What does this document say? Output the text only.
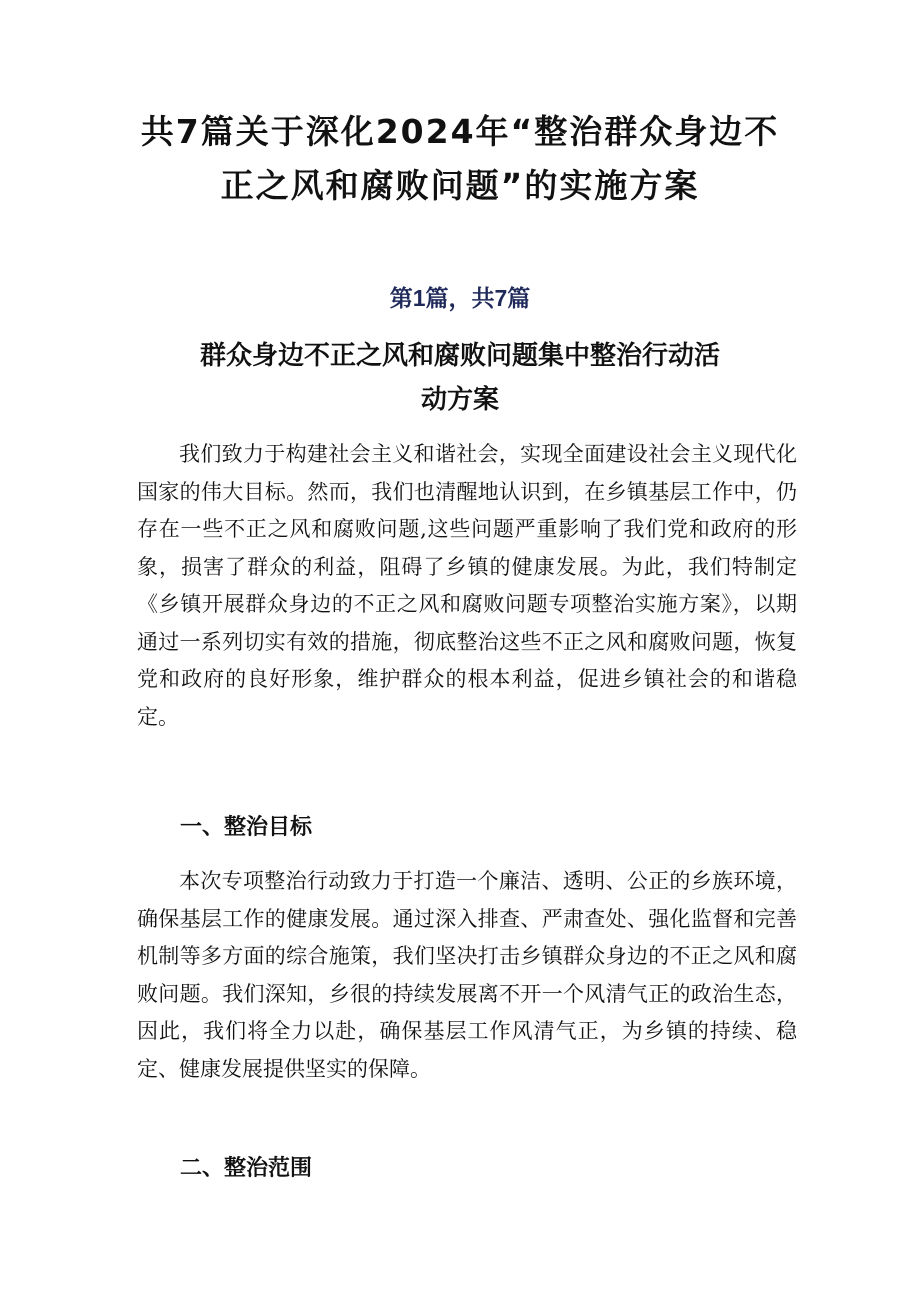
共7篇关于深化2024年“整治群众身边不
正之风和腐败问题”的实施方案
第1篇，共7篇
群众身边不正之风和腐败问题集中整治行动活
动方案

我们致力于构建社会主义和谐社会，实现全面建设社会主义现代化国家的伟大目标。然而，我们也清醒地认识到，在乡镇基层工作中，仍存在一些不正之风和腐败问题,这些问题严重影响了我们党和政府的形象，损害了群众的利益，阻碍了乡镇的健康发展。为此，我们特制定《乡镇开展群众身边的不正之风和腐败问题专项整治实施方案》，以期通过一系列切实有效的措施，彻底整治这些不正之风和腐败问题，恢复党和政府的良好形象，维护群众的根本利益，促进乡镇社会的和谐稳定。

一、整治目标

本次专项整治行动致力于打造一个廉洁、透明、公正的乡族环境，确保基层工作的健康发展。通过深入排查、严肃查处、强化监督和完善机制等多方面的综合施策，我们坚决打击乡镇群众身边的不正之风和腐败问题。我们深知，乡很的持续发展离不开一个风清气正的政治生态，因此，我们将全力以赴，确保基层工作风清气正，为乡镇的持续、稳定、健康发展提供坚实的保障。

二、整治范围
